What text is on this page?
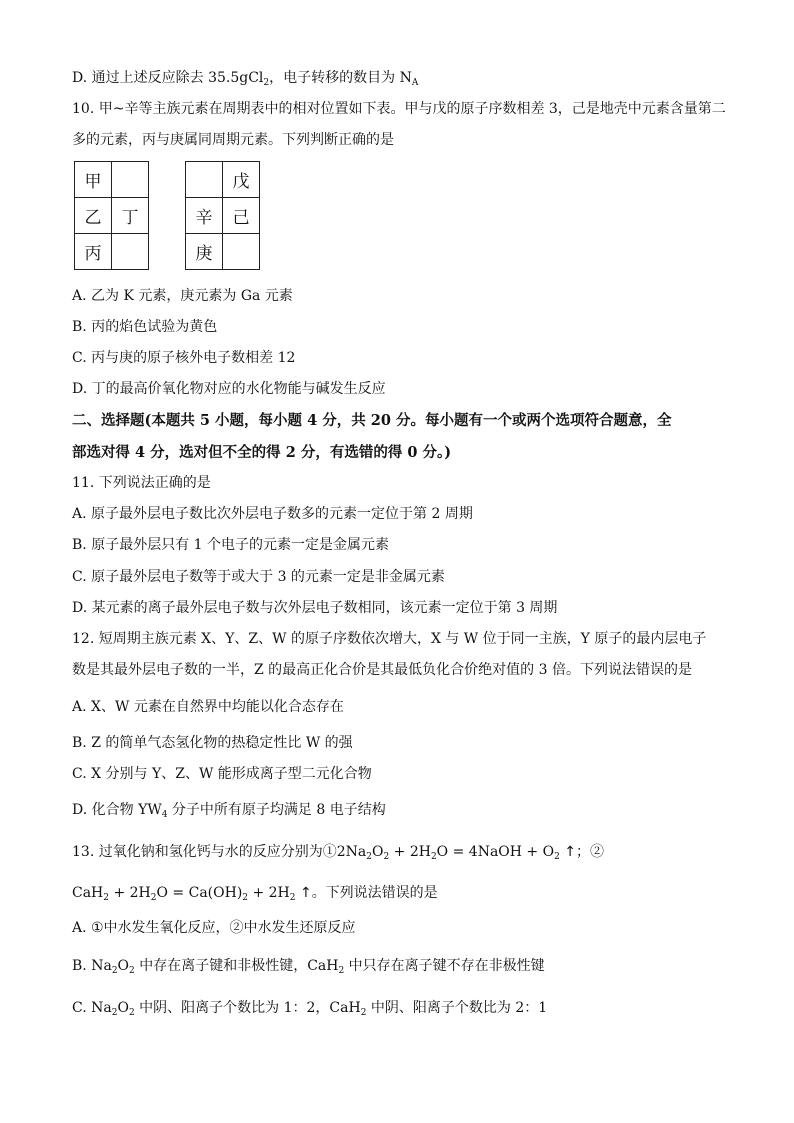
D. 通过上述反应除去 35.5gCl$_2$，电子转移的数目为 $N_A$
10. 甲~辛等主族元素在周期表中的相对位置如下表。甲与戊的原子序数相差 3，己是地壳中元素含量第二
多的元素，丙与庚属同周期元素。下列判断正确的是
甲	
乙	丁
丙	
	戊
辛	己
庚	
A. 乙为 K 元素，庚元素为 Ga 元素
B. 丙的焰色试验为黄色
C. 丙与庚的原子核外电子数相差 12
D. 丁的最高价氧化物对应的水化物能与碱发生反应
二、选择题(本题共 5 小题，每小题 4 分，共 20 分。每小题有一个或两个选项符合题意，全
部选对得 4 分，选对但不全的得 2 分，有选错的得 0 分。)
11. 下列说法正确的是
A. 原子最外层电子数比次外层电子数多的元素一定位于第 2 周期
B. 原子最外层只有 1 个电子的元素一定是金属元素
C. 原子最外层电子数等于或大于 3 的元素一定是非金属元素
D. 某元素的离子最外层电子数与次外层电子数相同，该元素一定位于第 3 周期
12. 短周期主族元素 X、Y、Z、W 的原子序数依次增大，X 与 W 位于同一主族，Y 原子的最内层电子
数是其最外层电子数的一半，Z 的最高正化合价是其最低负化合价绝对值的 3 倍。下列说法错误的是
A. X、W 元素在自然界中均能以化合态存在
B. Z 的简单气态氢化物的热稳定性比 W 的强
C. X 分别与 Y、Z、W 能形成离子型二元化合物
D. 化合物 $YW_4$ 分子中所有原子均满足 8 电子结构
13. 过氧化钠和氢化钙与水的反应分别为$①2Na_2O_2 + 2H_2O$ = 4NaOH + $O_2$ ↑；②
$CaH_2 + 2H_2O = Ca(OH)_2 + 2H_2$ ↑。下列说法错误的是
A. ①中水发生氧化反应，②中水发生还原反应
B. $Na_2O_2$ 中存在离子键和非极性键，CaH$_2$ 中只存在离子键不存在非极性键
C. $Na_2O_2$ 中阴、阳离子个数比为 1：2，CaH$_2$ 中阴、阳离子个数比为 2：1
